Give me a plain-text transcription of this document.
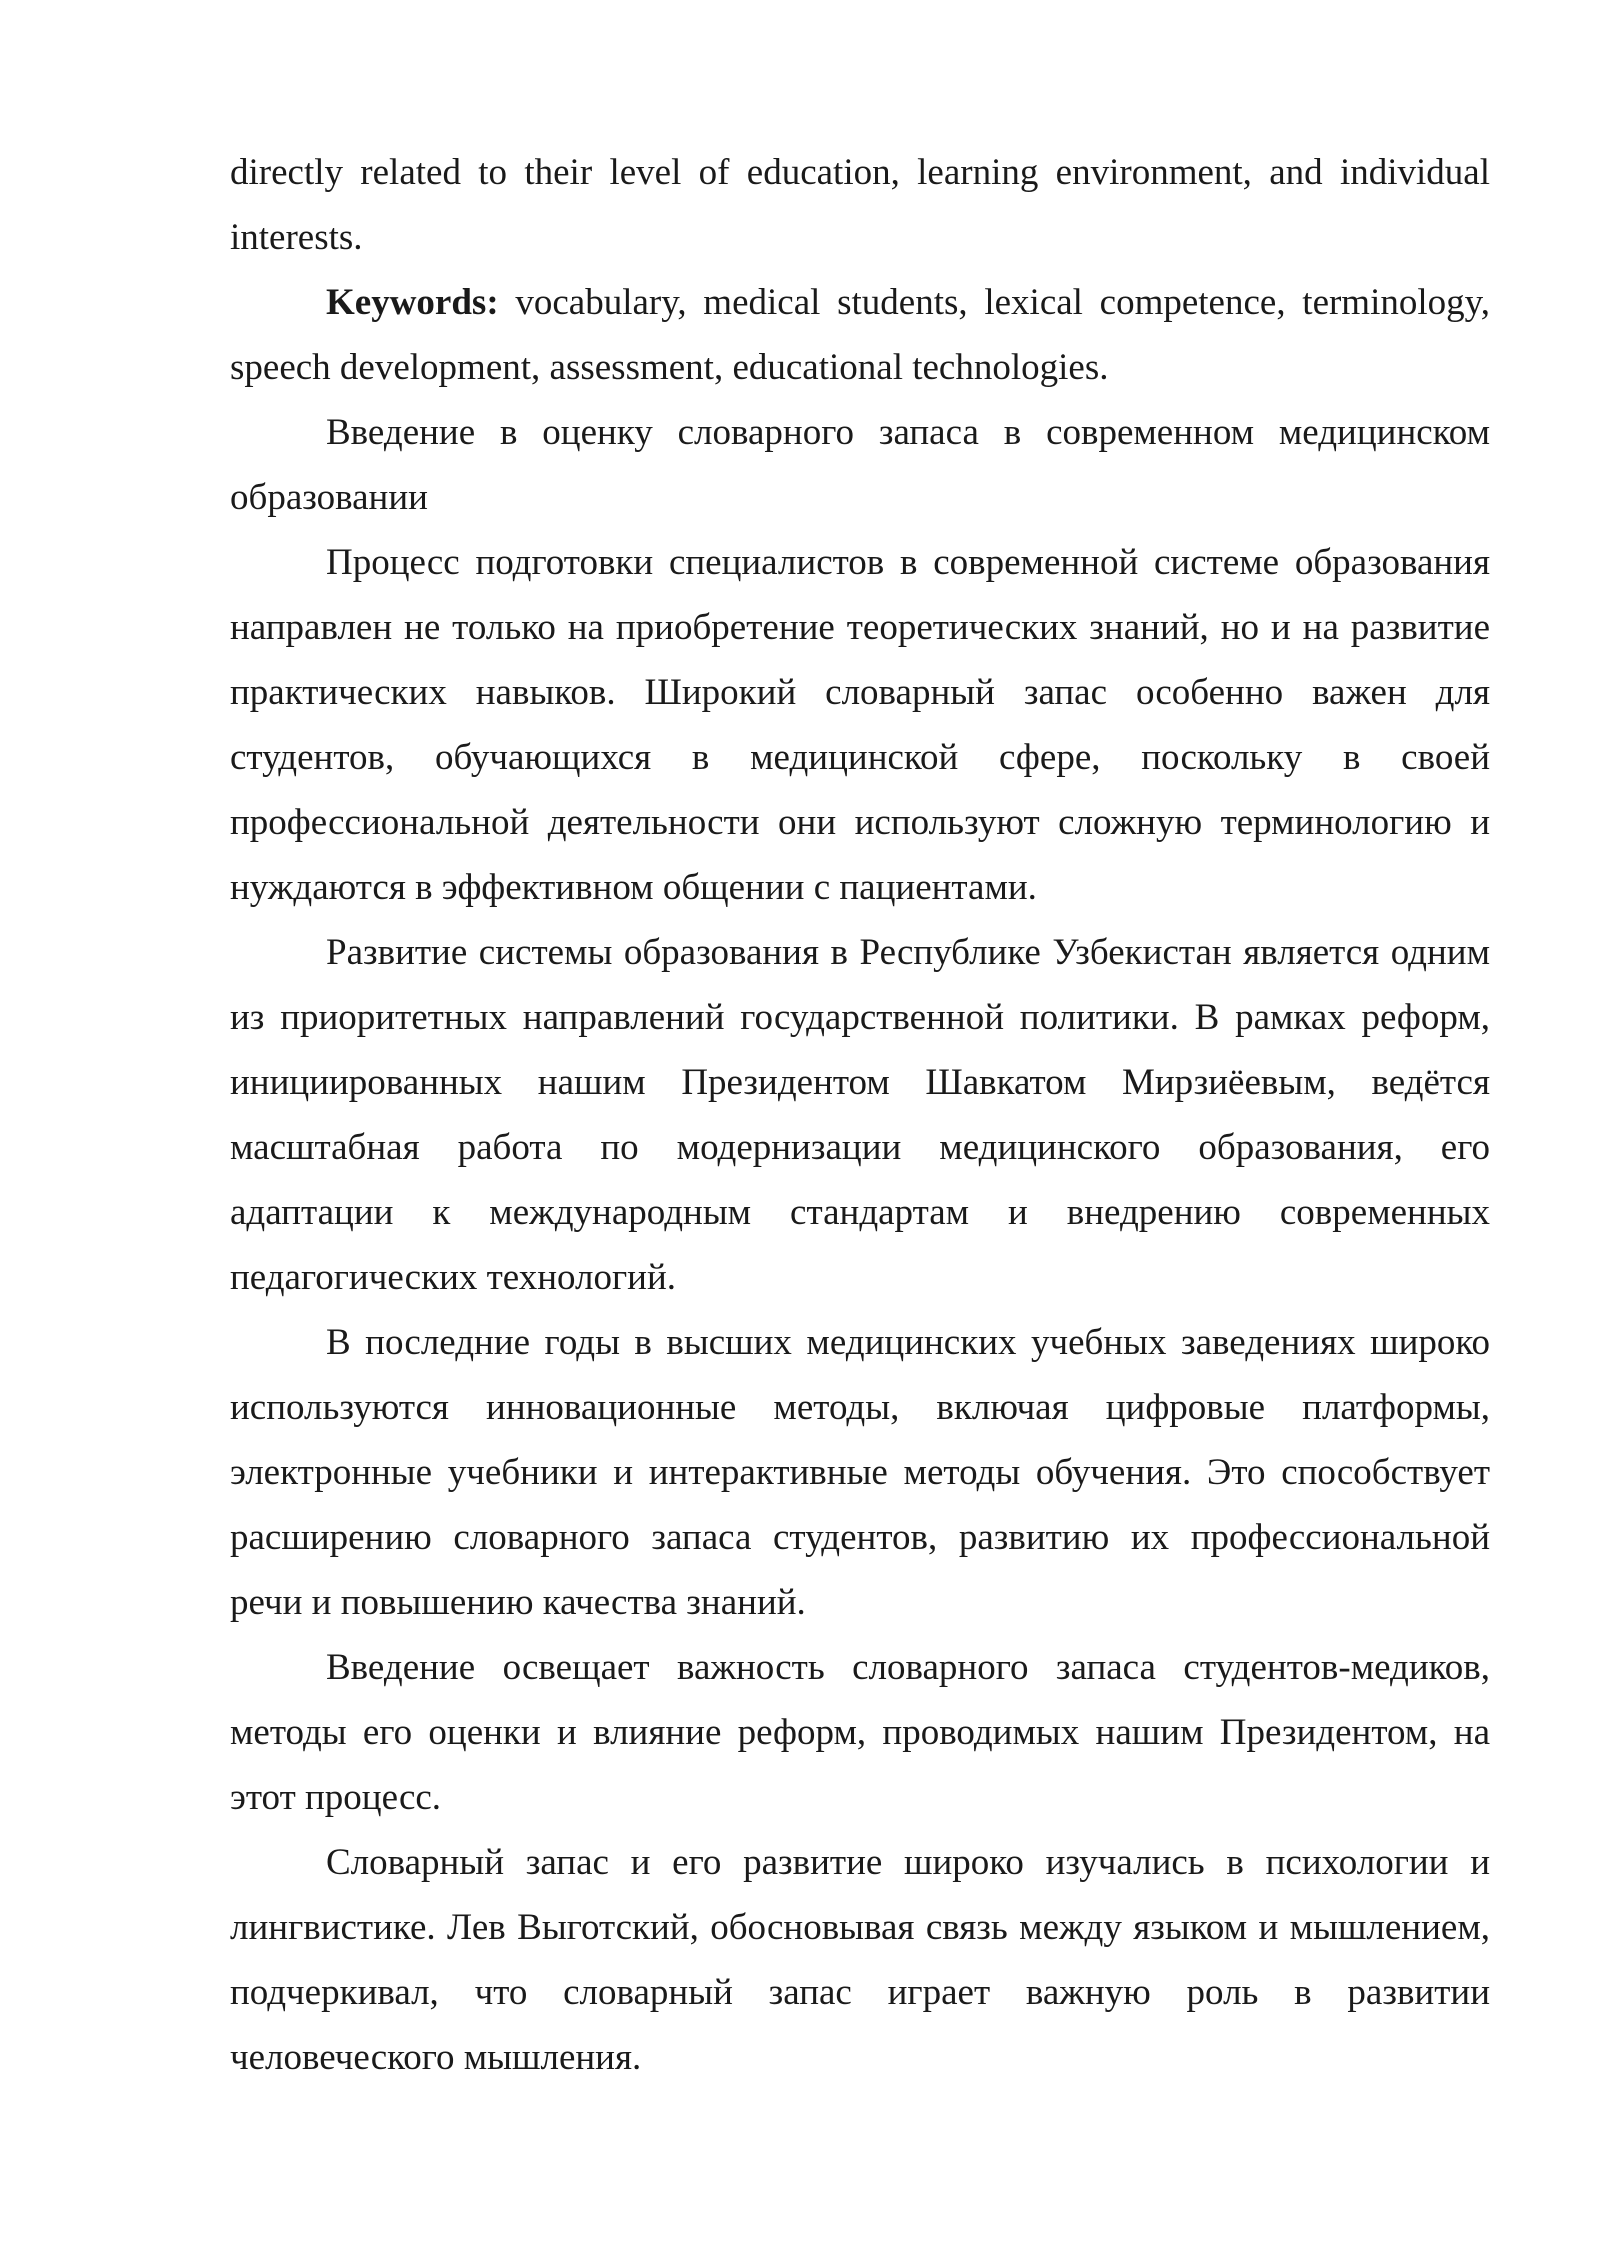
directly related to their level of education, learning environment, and individual interests.

Keywords: vocabulary, medical students, lexical competence, terminology, speech development, assessment, educational technologies.

Введение в оценку словарного запаса в современном медицинском образовании

Процесс подготовки специалистов в современной системе образования направлен не только на приобретение теоретических знаний, но и на развитие практических навыков. Широкий словарный запас особенно важен для студентов, обучающихся в медицинской сфере, поскольку в своей профессиональной деятельности они используют сложную терминологию и нуждаются в эффективном общении с пациентами.

Развитие системы образования в Республике Узбекистан является одним из приоритетных направлений государственной политики. В рамках реформ, инициированных нашим Президентом Шавкатом Мирзиёевым, ведётся масштабная работа по модернизации медицинского образования, его адаптации к международным стандартам и внедрению современных педагогических технологий.

В последние годы в высших медицинских учебных заведениях широко используются инновационные методы, включая цифровые платформы, электронные учебники и интерактивные методы обучения. Это способствует расширению словарного запаса студентов, развитию их профессиональной речи и повышению качества знаний.

Введение освещает важность словарного запаса студентов-медиков, методы его оценки и влияние реформ, проводимых нашим Президентом, на этот процесс.

Словарный запас и его развитие широко изучались в психологии и лингвистике. Лев Выготский, обосновывая связь между языком и мышлением, подчеркивал, что словарный запас играет важную роль в развитии человеческого мышления.
